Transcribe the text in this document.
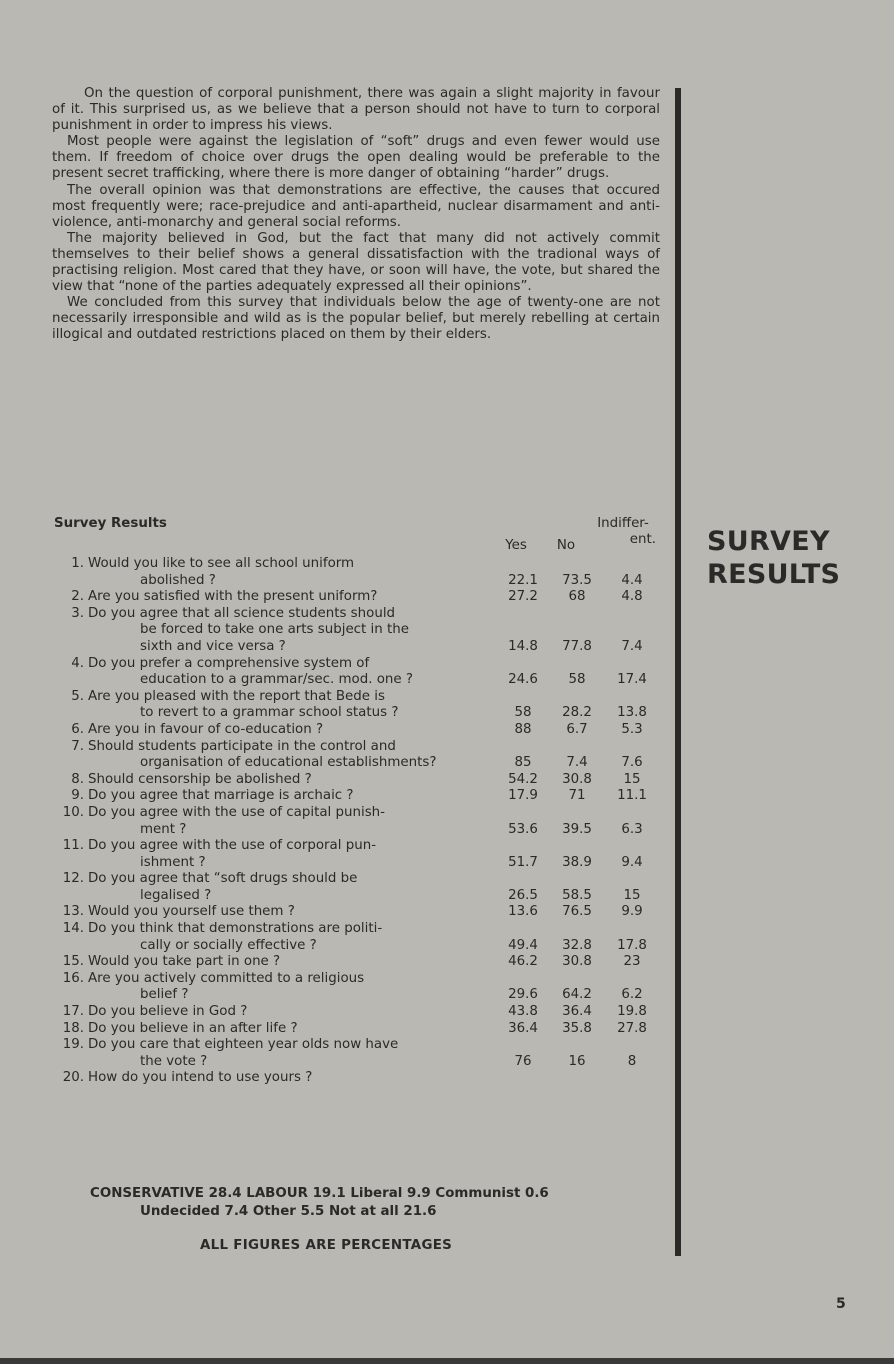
On the question of corporal punishment, there was again a slight majority in favour of it. This surprised us, as we believe that a person should not have to turn to corporal punishment in order to impress his views.

Most people were against the legislation of “soft” drugs and even fewer would use them. If freedom of choice over drugs the open dealing would be preferable to the present secret trafficking, where there is more danger of obtaining “harder” drugs.

The overall opinion was that demonstrations are effective, the causes that occured most frequently were; race-prejudice and anti-apartheid, nuclear disarmament and anti-violence, anti-monarchy and general social reforms.

The majority believed in God, but the fact that many did not actively commit themselves to their belief shows a general dissatisfaction with the tradional ways of practising religion. Most cared that they have, or soon will have, the vote, but shared the view that “none of the parties adequately expressed all their opinions”.

We concluded from this survey that individuals below the age of twenty-one are not necessarily irresponsible and wild as is the popular belief, but merely rebelling at certain illogical and outdated restrictions placed on them by their elders.

SURVEY
RESULTS
Survey Results
Yes	No
Indiffer-
ent.
1. Would you like to see all school uniform
abolished ?	22.1	73.5	4.4
2. Are you satisfied with the present uniform?	27.2	68	4.8
3. Do you agree that all science students should
be forced to take one arts subject in the
sixth and vice versa ?	14.8	77.8	7.4
4. Do you prefer a comprehensive system of
education to a grammar/sec. mod. one ?	24.6	58	17.4
5. Are you pleased with the report that Bede is
to revert to a grammar school status ?	58	28.2	13.8
6. Are you in favour of co-education ?	88	6.7	5.3
7. Should students participate in the control and
organisation of educational establishments?	85	7.4	7.6
8. Should censorship be abolished ?	54.2	30.8	15
9. Do you agree that marriage is archaic ?	17.9	71	11.1
10. Do you agree with the use of capital punish-
ment ?	53.6	39.5	6.3
11. Do you agree with the use of corporal pun-
ishment ?	51.7	38.9	9.4
12. Do you agree that “soft drugs should be
legalised ?	26.5	58.5	15
13. Would you yourself use them ?	13.6	76.5	9.9
14. Do you think that demonstrations are politi-
cally or socially effective ?	49.4	32.8	17.8
15. Would you take part in one ?	46.2	30.8	23
16. Are you actively committed to a religious
belief ?	29.6	64.2	6.2
17. Do you believe in God ?	43.8	36.4	19.8
18. Do you believe in an after life ?	36.4	35.8	27.8
19. Do you care that eighteen year olds now have
the vote ?	76	16	8
20. How do you intend to use yours ?
CONSERVATIVE 28.4 LABOUR 19.1 Liberal 9.9 Communist 0.6
Undecided 7.4 Other 5.5 Not at all 21.6
ALL FIGURES ARE PERCENTAGES
5
